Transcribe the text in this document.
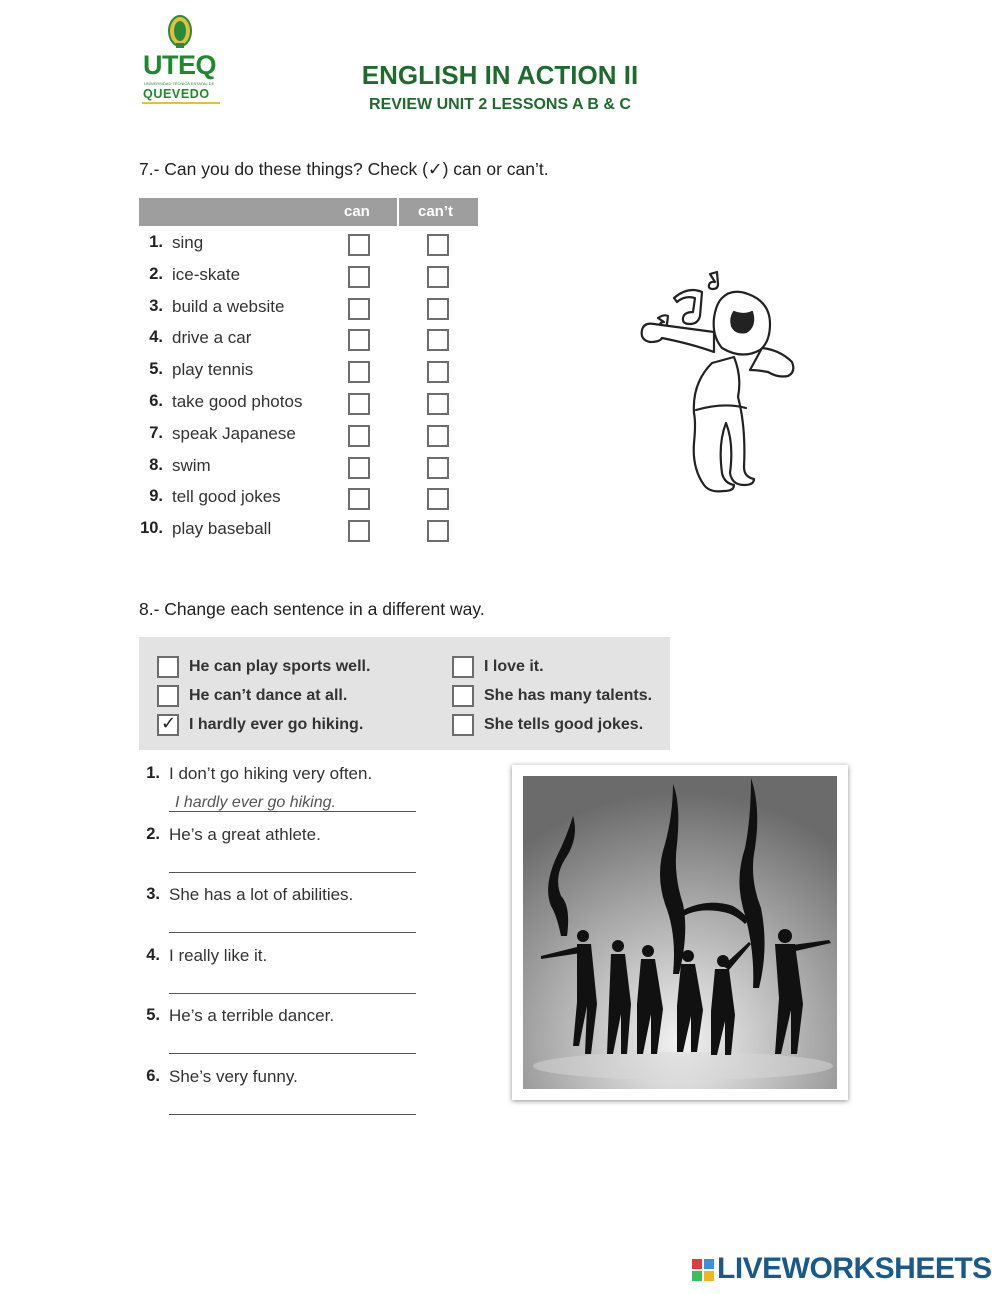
UTEQ
UNIVERSIDAD TÉCNICA ESTATAL DE
QUEVEDO
ENGLISH IN ACTION II
REVIEW UNIT 2 LESSONS A B & C
7.- Can you do these things? Check (✓) can or can’t.
can	can’t
1. sing
2. ice-skate
3. build a website
4. drive a car
5. play tennis
6. take good photos
7. speak Japanese
8. swim
9. tell good jokes
10. play baseball
8.- Change each sentence in a different way.
He can play sports well.
He can’t dance at all.
✓ I hardly ever go hiking.
I love it.
She has many talents.
She tells good jokes.
1. I don’t go hiking very often.
I hardly ever go hiking.
2. He’s a great athlete.
3. She has a lot of abilities.
4. I really like it.
5. He’s a terrible dancer.
6. She’s very funny.
LIVEWORKSHEETS
